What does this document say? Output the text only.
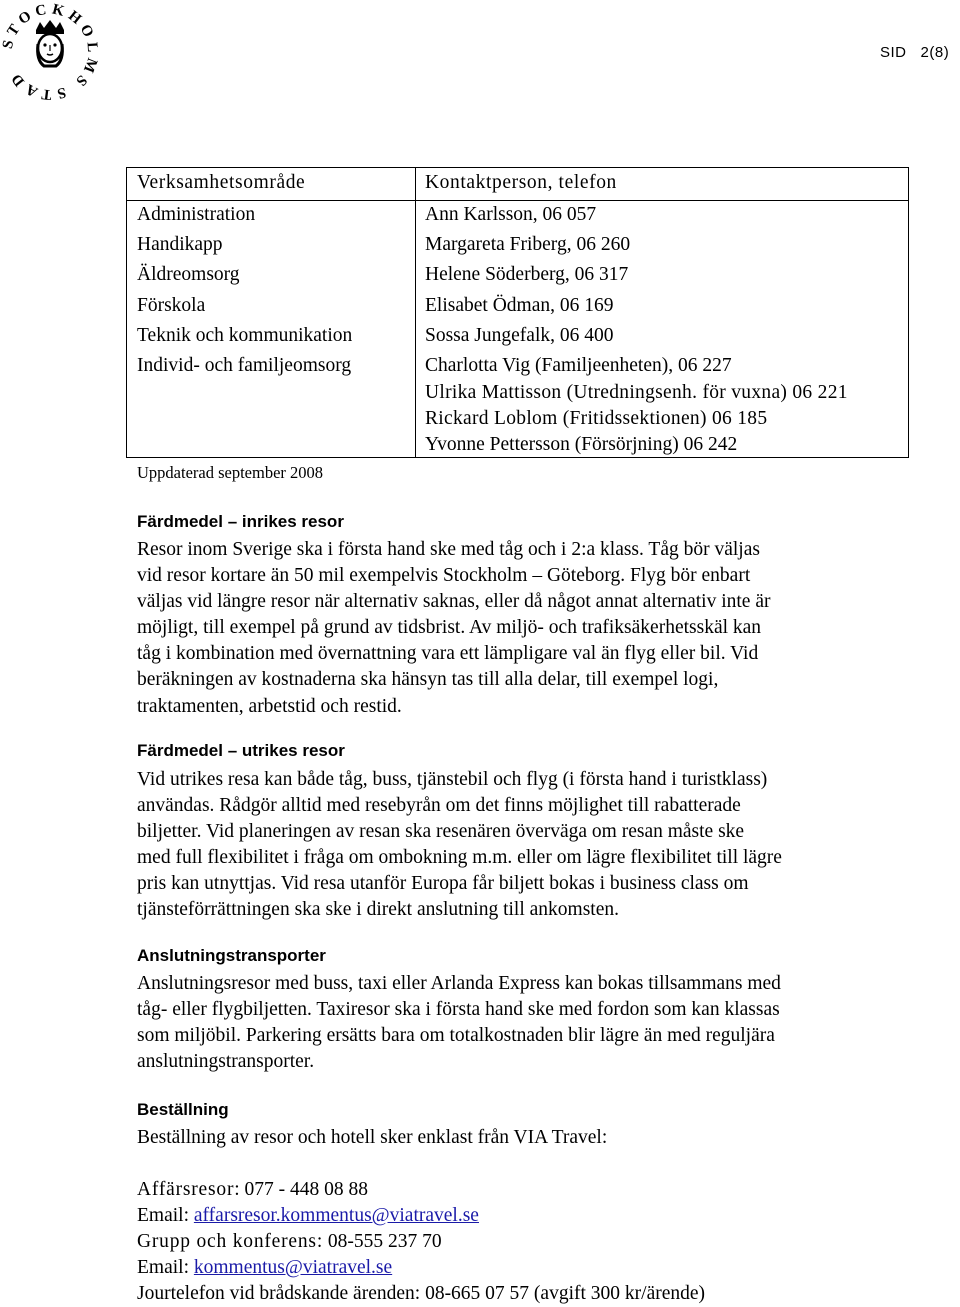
STOCKHOLMS STAD
SID 2(8)
Verksamhetsområde	Kontaktperson, telefon
Administration	Ann Karlsson, 06 057
Handikapp	Margareta Friberg, 06 260
Äldreomsorg	Helene Söderberg, 06 317
Förskola	Elisabet Ödman, 06 169
Teknik och kommunikation	Sossa Jungefalk, 06 400
Individ- och familjeomsorg	Charlotta Vig (Familjeenheten), 06 227
Ulrika Mattisson (Utredningsenh. för vuxna) 06 221
Rickard Loblom (Fritidssektionen) 06 185
Yvonne Pettersson (Försörjning) 06 242
Uppdaterad september 2008
Färdmedel – inrikes resor
Resor inom Sverige ska i första hand ske med tåg och i 2:a klass. Tåg bör väljas
vid resor kortare än 50 mil exempelvis Stockholm – Göteborg. Flyg bör enbart
väljas vid längre resor när alternativ saknas, eller då något annat alternativ inte är
möjligt, till exempel på grund av tidsbrist. Av miljö- och trafiksäkerhetsskäl kan
tåg i kombination med övernattning vara ett lämpligare val än flyg eller bil. Vid
beräkningen av kostnaderna ska hänsyn tas till alla delar, till exempel logi,
traktamenten, arbetstid och restid.
Färdmedel – utrikes resor
Vid utrikes resa kan både tåg, buss, tjänstebil och flyg (i första hand i turistklass)
användas. Rådgör alltid med resebyrån om det finns möjlighet till rabatterade
biljetter. Vid planeringen av resan ska resenären överväga om resan måste ske
med full flexibilitet i fråga om ombokning m.m. eller om lägre flexibilitet till lägre
pris kan utnyttjas. Vid resa utanför Europa får biljett bokas i business class om
tjänsteförrättningen ska ske i direkt anslutning till ankomsten.
Anslutningstransporter
Anslutningsresor med buss, taxi eller Arlanda Express kan bokas tillsammans med
tåg- eller flygbiljetten. Taxiresor ska i första hand ske med fordon som kan klassas
som miljöbil. Parkering ersätts bara om totalkostnaden blir lägre än med reguljära
anslutningstransporter.
Beställning
Beställning av resor och hotell sker enklast från VIA Travel:
Affärsresor: 077 - 448 08 88
Email: affarsresor.kommentus@viatravel.se
Grupp och konferens: 08-555 237 70
Email: kommentus@viatravel.se
Jourtelefon vid brådskande ärenden: 08-665 07 57 (avgift 300 kr/ärende)
